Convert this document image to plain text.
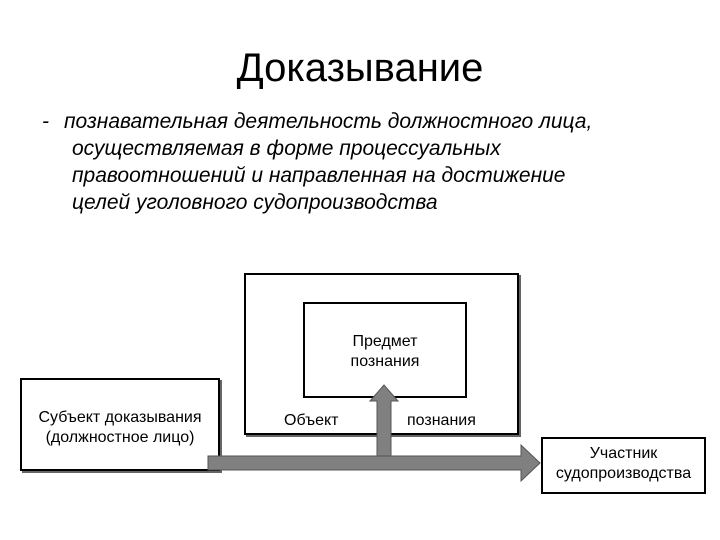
Доказывание
- познавательная деятельность должностного лица,
осуществляемая в форме процессуальных
правоотношений и направленная на достижение
целей уголовного судопроизводства
Субъект доказывания
(должностное лицо)
Предмет
познания
Объект	познания
Участник
судопроизводства
